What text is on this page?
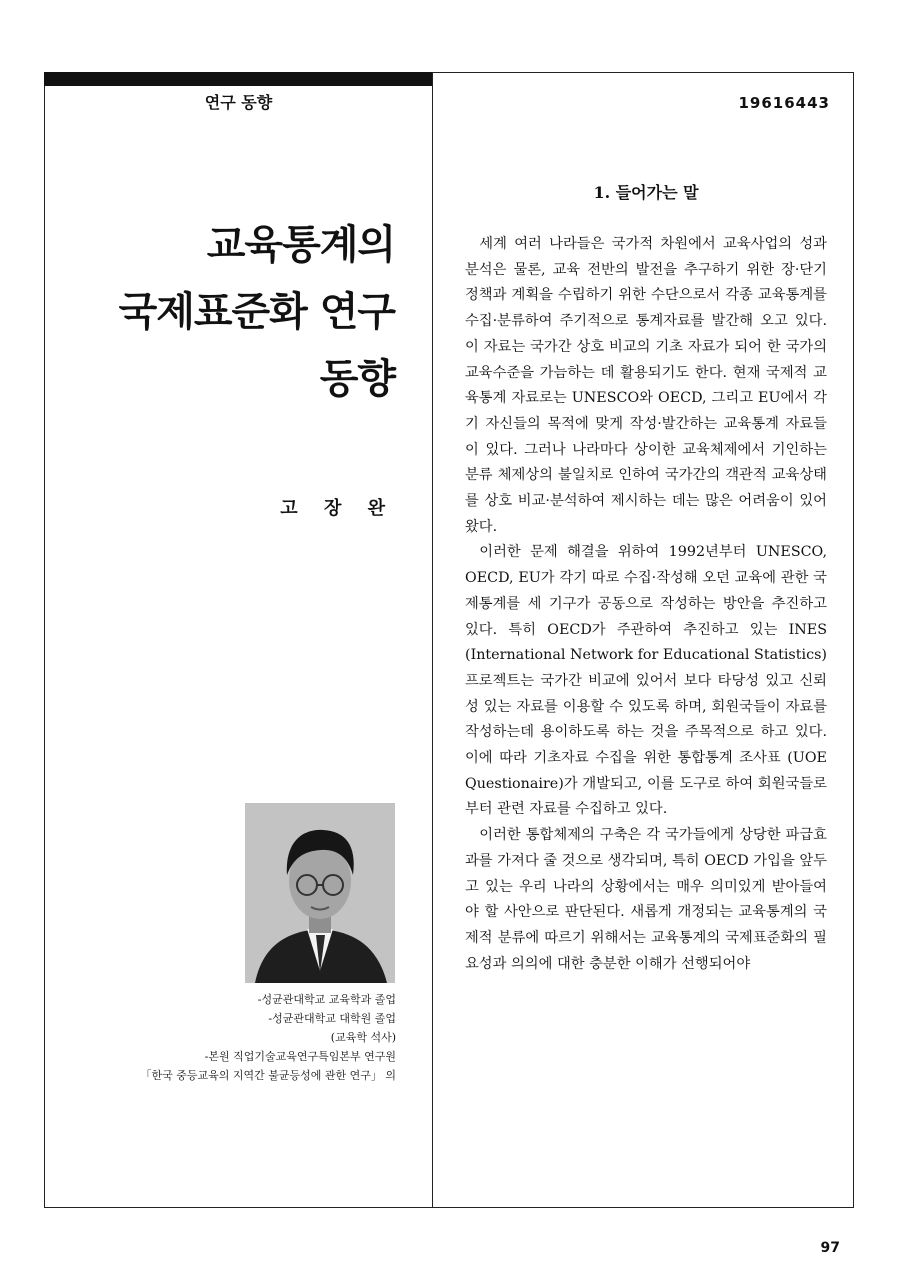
연구 동향	19616443
교육통계의
국제표준화 연구
동향
고 장 완
-성균관대학교 교육학과 졸업
-성균관대학교 대학원 졸업
(교육학 석사)
-본원 직업기술교육연구특임본부 연구원
「한국 중등교육의 지역간 불균등성에 관한 연구」 의
1. 들어가는 말

세계 여러 나라들은 국가적 차원에서 교육사업의 성과 분석은 물론, 교육 전반의 발전을 추구하기 위한 장·단기 정책과 계획을 수립하기 위한 수단으로서 각종 교육통계를 수집·분류하여 주기적으로 통계자료를 발간해 오고 있다. 이 자료는 국가간 상호 비교의 기초 자료가 되어 한 국가의 교육수준을 가늠하는 데 활용되기도 한다. 현재 국제적 교육통계 자료로는 UNESCO와 OECD, 그리고 EU에서 각기 자신들의 목적에 맞게 작성·발간하는 교육통계 자료들이 있다. 그러나 나라마다 상이한 교육체제에서 기인하는 분류 체제상의 불일치로 인하여 국가간의 객관적 교육상태를 상호 비교·분석하여 제시하는 데는 많은 어려움이 있어 왔다.

이러한 문제 해결을 위하여 1992년부터 UNESCO, OECD, EU가 각기 따로 수집·작성해 오던 교육에 관한 국제통계를 세 기구가 공동으로 작성하는 방안을 추진하고 있다. 특히 OECD가 주관하여 추진하고 있는 INES (International Network for Educational Statistics) 프로젝트는 국가간 비교에 있어서 보다 타당성 있고 신뢰성 있는 자료를 이용할 수 있도록 하며, 회원국들이 자료를 작성하는데 용이하도록 하는 것을 주목적으로 하고 있다. 이에 따라 기초자료 수집을 위한 통합통계 조사표 (UOE Questionaire)가 개발되고, 이를 도구로 하여 회원국들로부터 관련 자료를 수집하고 있다.

이러한 통합체제의 구축은 각 국가들에게 상당한 파급효과를 가져다 줄 것으로 생각되며, 특히 OECD 가입을 앞두고 있는 우리 나라의 상황에서는 매우 의미있게 받아들여야 할 사안으로 판단된다. 새롭게 개정되는 교육통계의 국제적 분류에 따르기 위해서는 교육통계의 국제표준화의 필요성과 의의에 대한 충분한 이해가 선행되어야

97
